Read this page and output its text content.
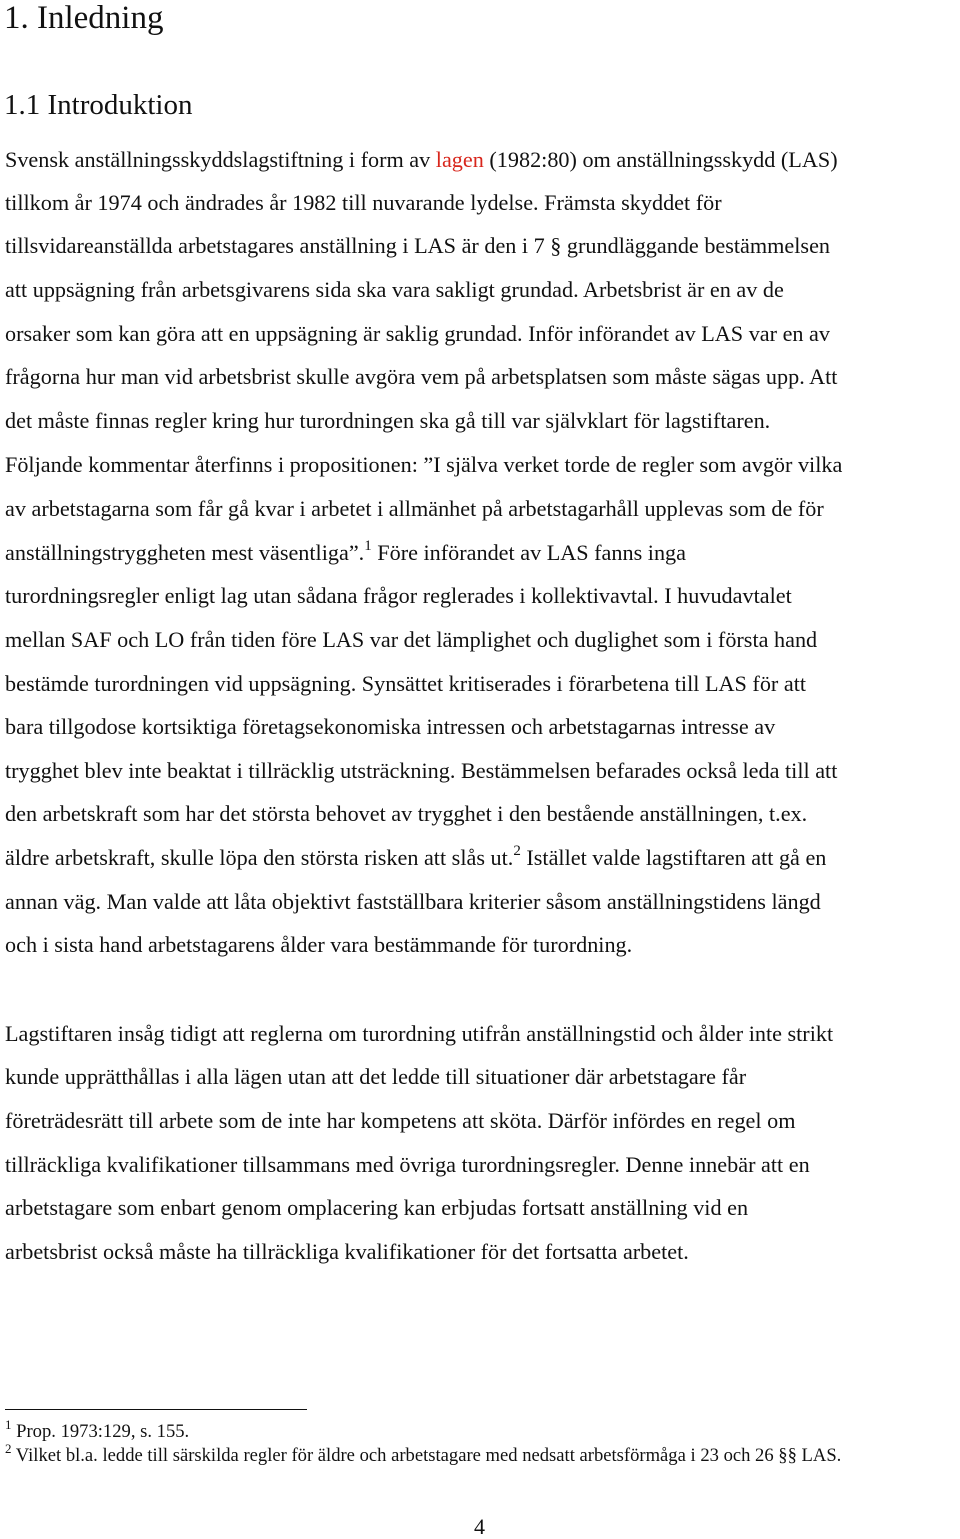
1. Inledning
1.1 Introduktion

Svensk anställningsskyddslagstiftning i form av lagen (1982:80) om anställningsskydd (LAS)

tillkom år 1974 och ändrades år 1982 till nuvarande lydelse. Främsta skyddet för

tillsvidareanställda arbetstagares anställning i LAS är den i 7 § grundläggande bestämmelsen

att uppsägning från arbetsgivarens sida ska vara sakligt grundad. Arbetsbrist är en av de

orsaker som kan göra att en uppsägning är saklig grundad. Inför införandet av LAS var en av

frågorna hur man vid arbetsbrist skulle avgöra vem på arbetsplatsen som måste sägas upp. Att

det måste finnas regler kring hur turordningen ska gå till var självklart för lagstiftaren.

Följande kommentar återfinns i propositionen: ”I själva verket torde de regler som avgör vilka

av arbetstagarna som får gå kvar i arbetet i allmänhet på arbetstagarhåll upplevas som de för

anställningstryggheten mest väsentliga”.$^1$ Före införandet av LAS fanns inga

turordningsregler enligt lag utan sådana frågor reglerades i kollektivavtal. I huvudavtalet

mellan SAF och LO från tiden före LAS var det lämplighet och duglighet som i första hand

bestämde turordningen vid uppsägning. Synsättet kritiserades i förarbetena till LAS för att

bara tillgodose kortsiktiga företagsekonomiska intressen och arbetstagarnas intresse av

trygghet blev inte beaktat i tillräcklig utsträckning. Bestämmelsen befarades också leda till att

den arbetskraft som har det största behovet av trygghet i den bestående anställningen, t.ex.

äldre arbetskraft, skulle löpa den största risken att slås ut.$^2$ Istället valde lagstiftaren att gå en

annan väg. Man valde att låta objektivt fastställbara kriterier såsom anställningstidens längd

och i sista hand arbetstagarens ålder vara bestämmande för turordning.

Lagstiftaren insåg tidigt att reglerna om turordning utifrån anställningstid och ålder inte strikt

kunde upprätthållas i alla lägen utan att det ledde till situationer där arbetstagare får

företrädesrätt till arbete som de inte har kompetens att sköta. Därför infördes en regel om

tillräckliga kvalifikationer tillsammans med övriga turordningsregler. Denne innebär att en

arbetstagare som enbart genom omplacering kan erbjudas fortsatt anställning vid en

arbetsbrist också måste ha tillräckliga kvalifikationer för det fortsatta arbetet.

$^1$ Prop. 1973:129, s. 155.

$^2$ Vilket bl.a. ledde till särskilda regler för äldre och arbetstagare med nedsatt arbetsförmåga i 23 och 26 §§ LAS.

4
